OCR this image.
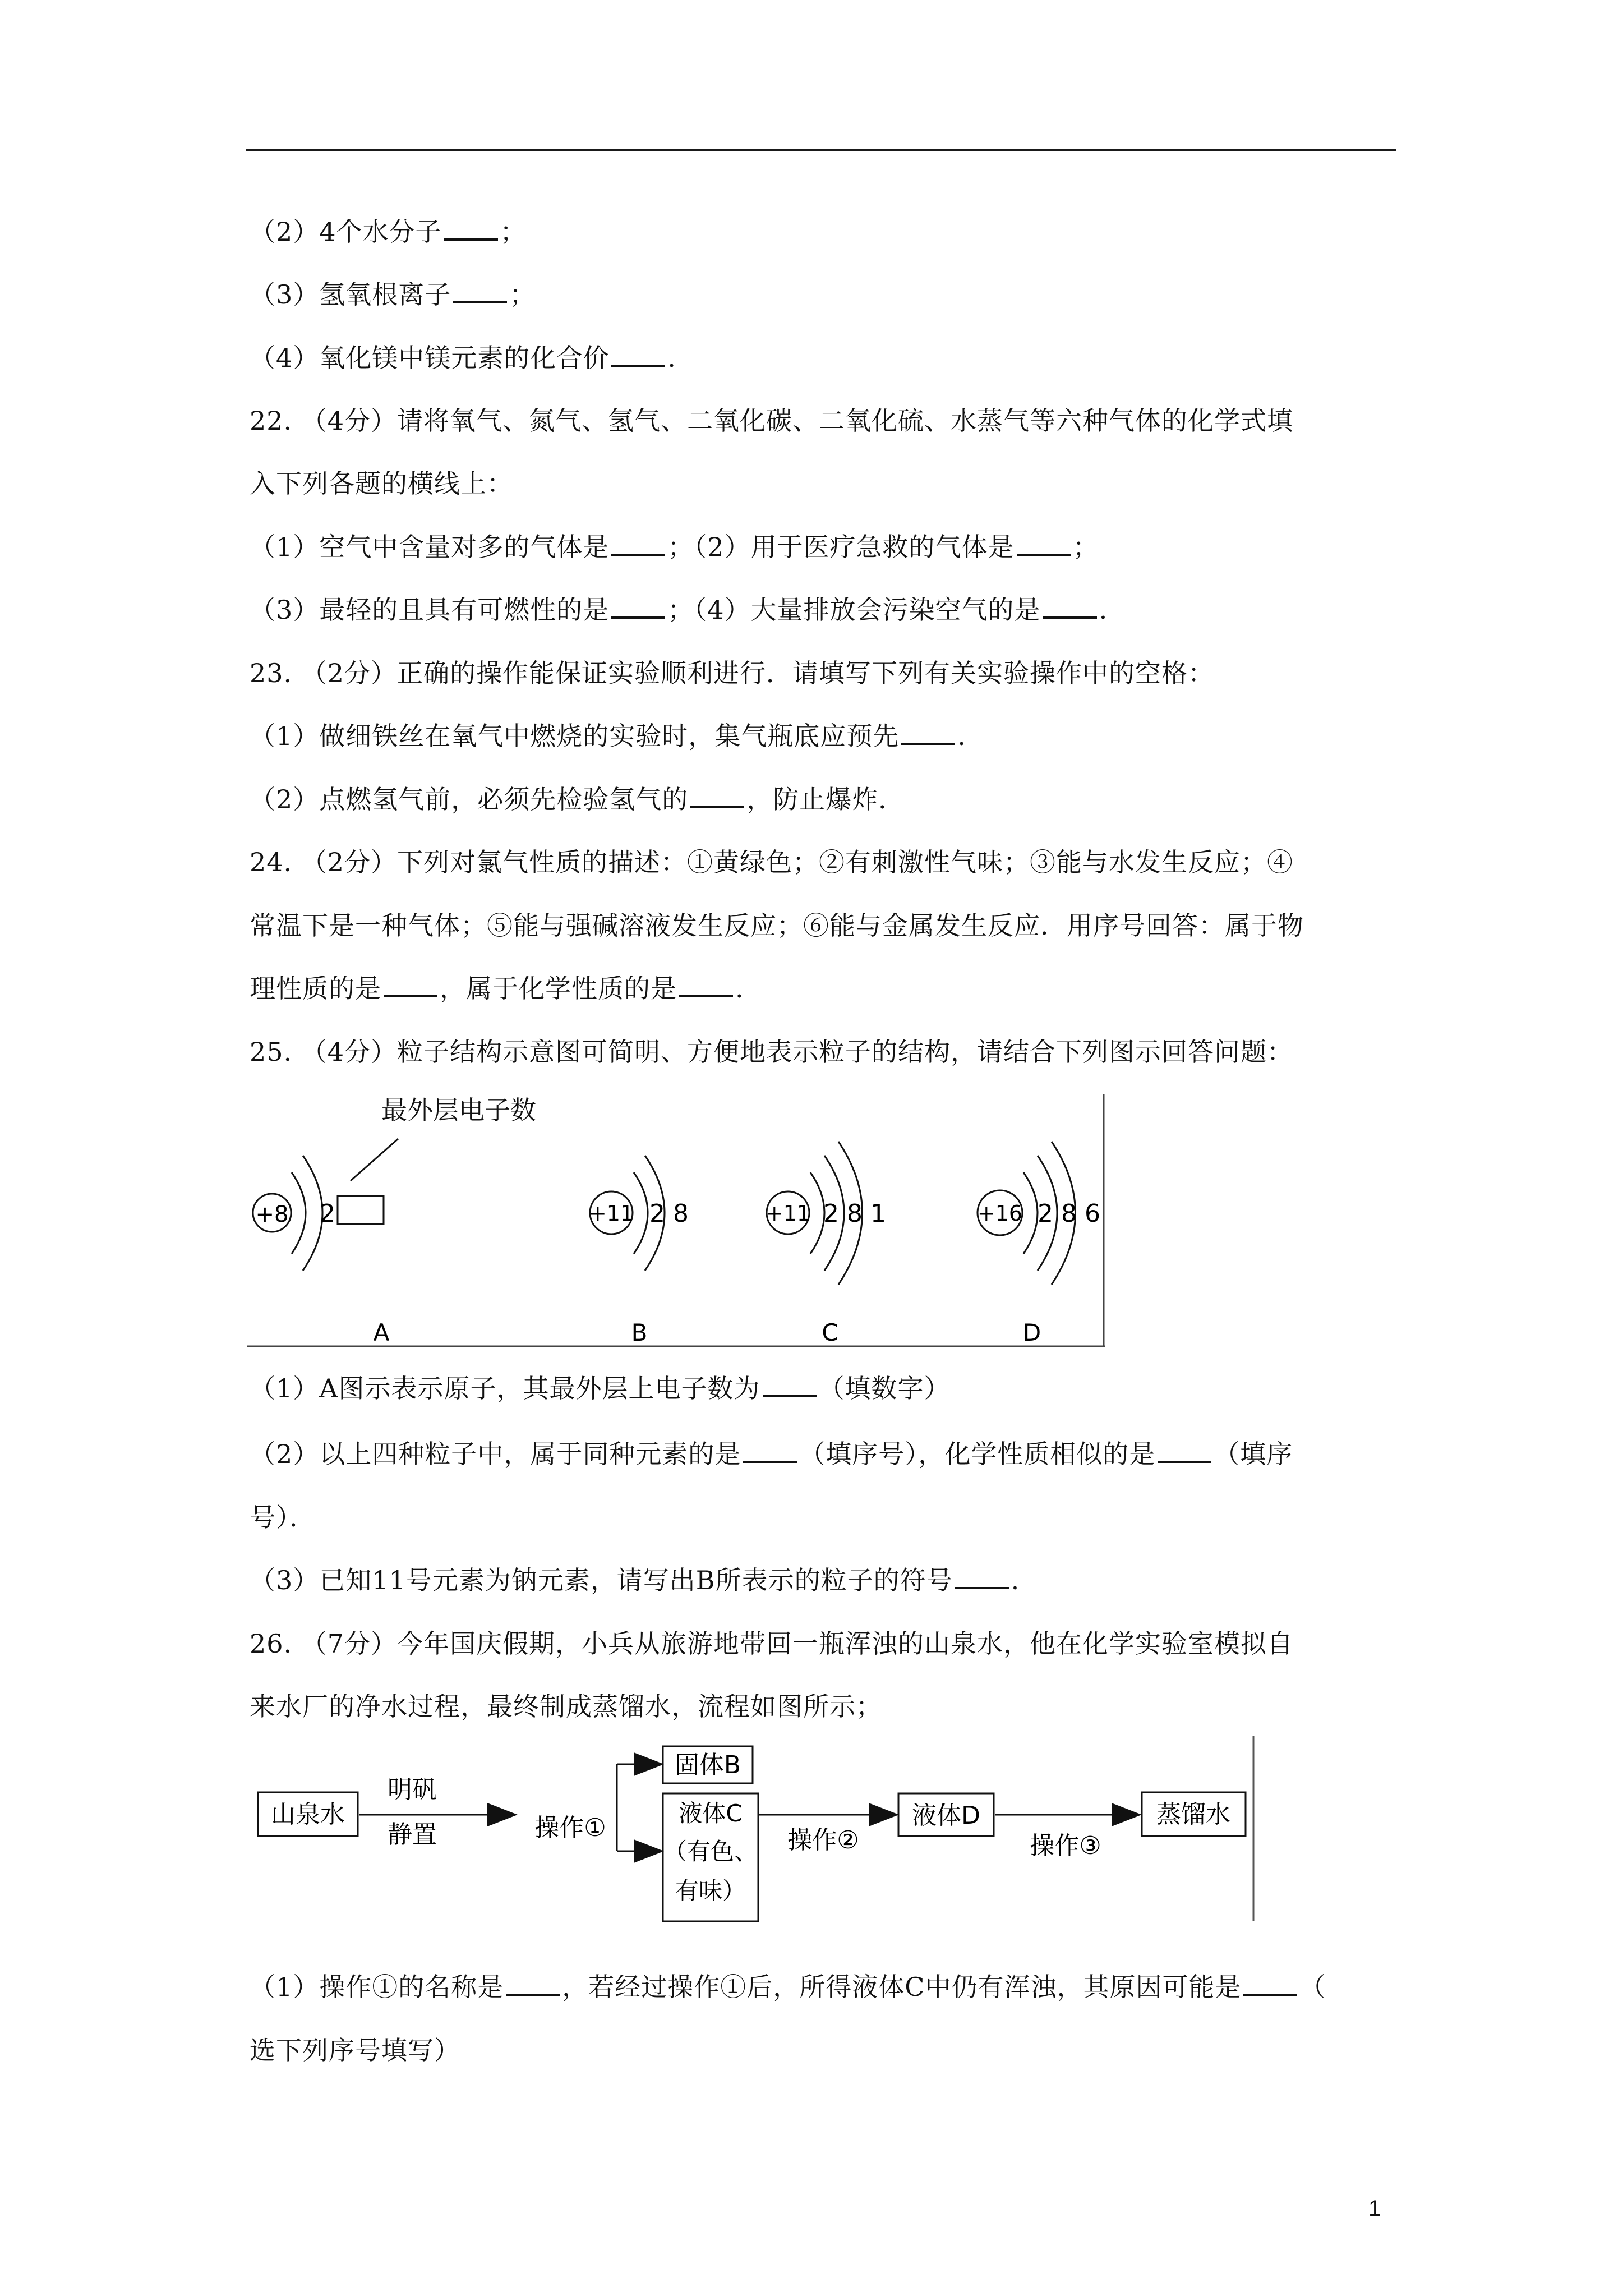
（2）4个水分子 ；
（3）氢氧根离子 ；
（4）氧化镁中镁元素的化合价 .
22. （4分）请将氧气、氮气、氢气、二氧化碳、二氧化硫、水蒸气等六种气体的化学式填
入下列各题的横线上：
（1）空气中含量对多的气体是 ；（2）用于医疗急救的气体是 ；
（3）最轻的且具有可燃性的是 ；（4）大量排放会污染空气的是 .
23. （2分）正确的操作能保证实验顺利进行．请填写下列有关实验操作中的空格：
（1）做细铁丝在氧气中燃烧的实验时，集气瓶底应预先 .
（2）点燃氢气前，必须先检验氢气的 ，防止爆炸．
24. （2分）下列对氯气性质的描述：①黄绿色；②有刺激性气味；③能与水发生反应；④
常温下是一种气体；⑤能与强碱溶液发生反应；⑥能与金属发生反应．用序号回答：属于物
理性质的是 ，属于化学性质的是 .
25. （4分）粒子结构示意图可简明、方便地表示粒子的结构，请结合下列图示回答问题：
最外层电子数
+8 2
A
+11 2 8
B
+11 2 8 1
C
+16 2 8 6
D
（1）A图示表示原子，其最外层上电子数为 （填数字）
（2）以上四种粒子中，属于同种元素的是 （填序号），化学性质相似的是 （填序
号）．
（3）已知11号元素为钠元素，请写出B所表示的粒子的符号 .
26. （7分）今年国庆假期，小兵从旅游地带回一瓶浑浊的山泉水，他在化学实验室模拟自
来水厂的净水过程，最终制成蒸馏水，流程如图所示；
山泉水
明矾
静置	操作①
固体B
液体C
（有色、
有味）
操作②
液体D
操作③
蒸馏水
（1）操作①的名称是 ，若经过操作①后，所得液体C中仍有浑浊，其原因可能是 （
选下列序号填写）
1
